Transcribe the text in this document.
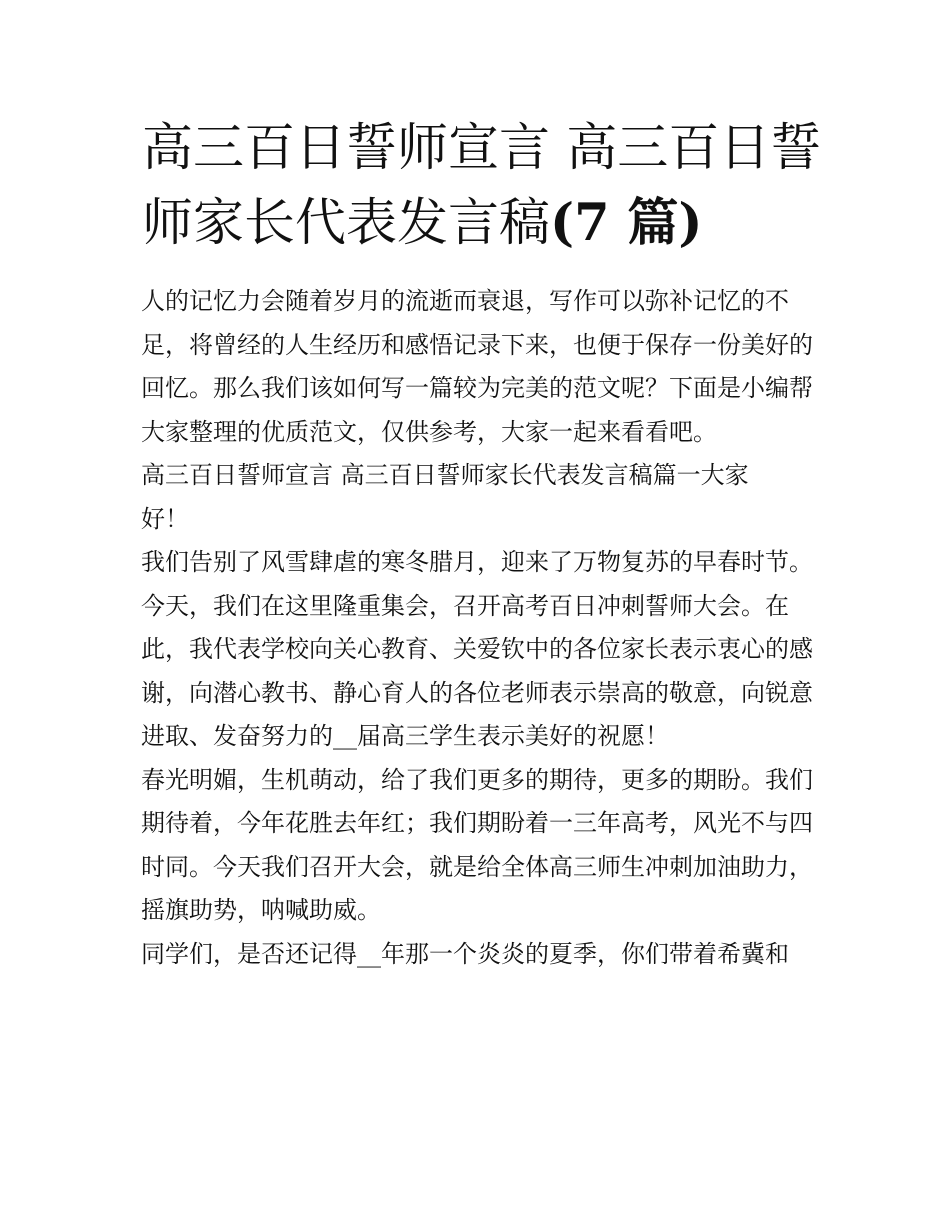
高三百日誓师宣言 高三百日誓师家长代表发言稿(7 篇)

人的记忆力会随着岁月的流逝而衰退，写作可以弥补记忆的不足，将曾经的人生经历和感悟记录下来，也便于保存一份美好的回忆。那么我们该如何写一篇较为完美的范文呢？下面是小编帮大家整理的优质范文，仅供参考，大家一起来看看吧。

高三百日誓师宣言 高三百日誓师家长代表发言稿篇一大家好！

我们告别了风雪肆虐的寒冬腊月，迎来了万物复苏的早春时节。今天，我们在这里隆重集会，召开高考百日冲刺誓师大会。在此，我代表学校向关心教育、关爱钦中的各位家长表示衷心的感谢，向潜心教书、静心育人的各位老师表示崇高的敬意，向锐意进取、发奋努力的__届高三学生表示美好的祝愿！

春光明媚，生机萌动，给了我们更多的期待，更多的期盼。我们期待着，今年花胜去年红；我们期盼着一三年高考，风光不与四时同。今天我们召开大会，就是给全体高三师生冲刺加油助力，摇旗助势，呐喊助威。

同学们，是否还记得__年那一个炎炎的夏季，你们带着希冀和
